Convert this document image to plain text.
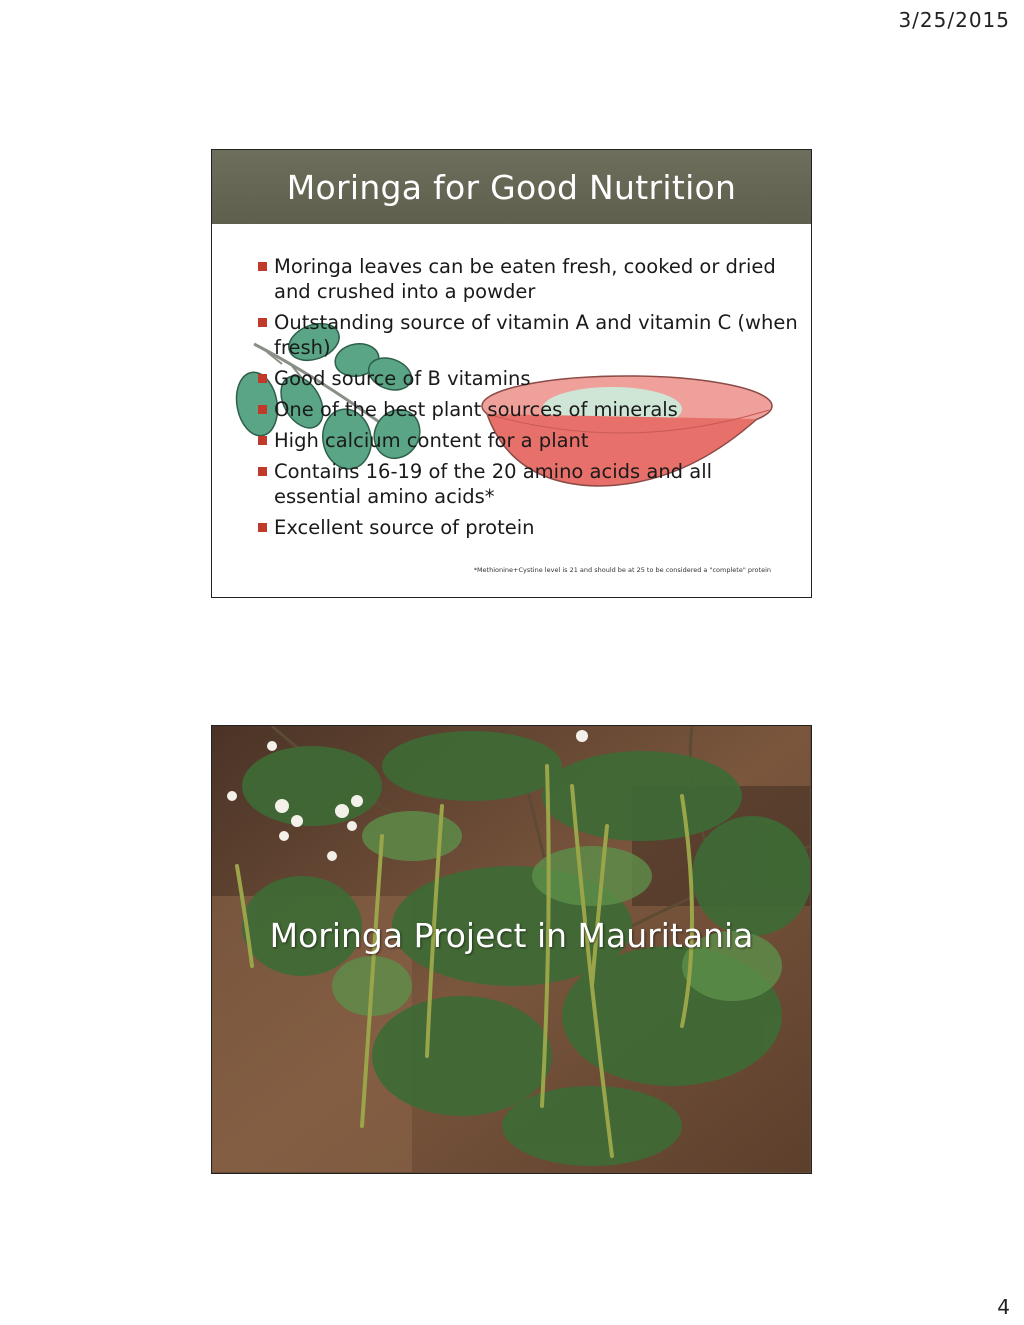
3/25/2015
Moringa for Good Nutrition
Moringa leaves can be eaten fresh, cooked or dried and crushed into a powder
Outstanding source of vitamin A and vitamin C (when fresh)
Good source of B vitamins
One of the best plant sources of minerals
High calcium content for a plant
Contains 16-19 of the 20 amino acids and all essential amino acids*
Excellent source of protein
*Methionine+Cystine level is 21 and should be at 25 to be considered a "complete" protein
Moringa Project in Mauritania
4
